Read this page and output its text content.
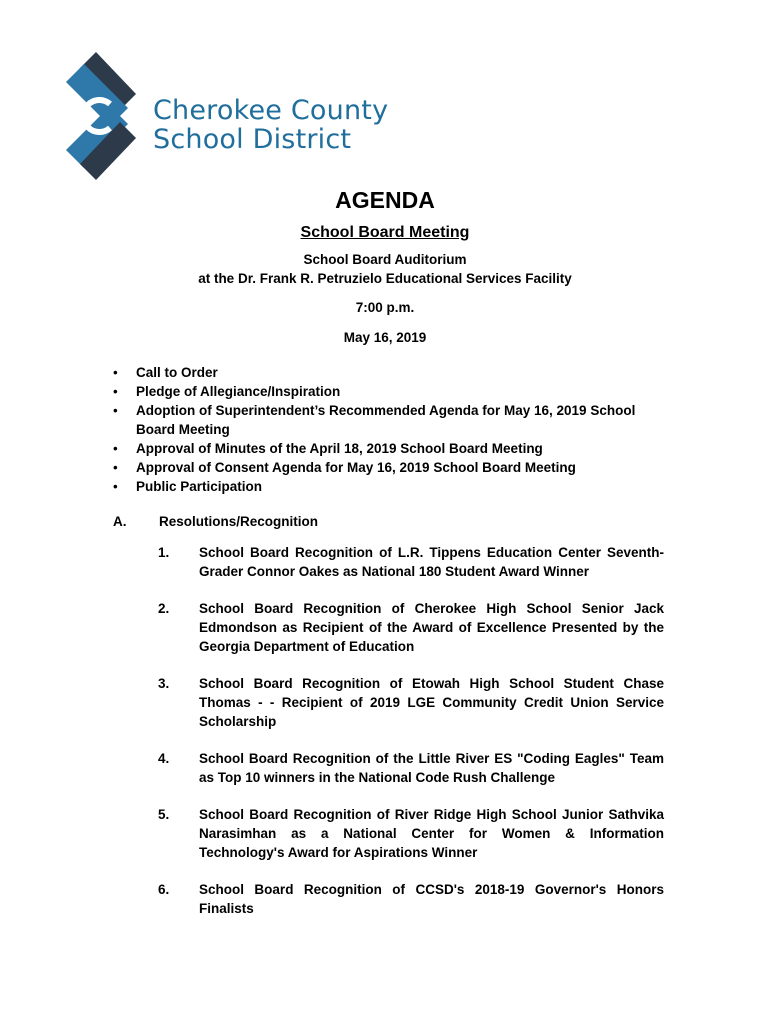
Cherokee County
School District
AGENDA
School Board Meeting
School Board Auditorium
at the Dr. Frank R. Petruzielo Educational Services Facility
7:00 p.m.
May 16, 2019
• Call to Order
• Pledge of Allegiance/Inspiration
• Adoption of Superintendent’s Recommended Agenda for May 16, 2019 School Board Meeting
• Approval of Minutes of the April 18, 2019 School Board Meeting
• Approval of Consent Agenda for May 16, 2019 School Board Meeting
• Public Participation
A. Resolutions/Recognition
1. School Board Recognition of L.R. Tippens Education Center Seventh-Grader Connor Oakes as National 180 Student Award Winner
2. School Board Recognition of Cherokee High School Senior Jack Edmondson as Recipient of the Award of Excellence Presented by the Georgia Department of Education
3. School Board Recognition of Etowah High School Student Chase Thomas - - Recipient of 2019 LGE Community Credit Union Service Scholarship
4. School Board Recognition of the Little River ES "Coding Eagles" Team as Top 10 winners in the National Code Rush Challenge
5. School Board Recognition of River Ridge High School Junior Sathvika Narasimhan as a National Center for Women & Information Technology's Award for Aspirations Winner
6. School Board Recognition of CCSD's 2018-19 Governor's Honors Finalists
